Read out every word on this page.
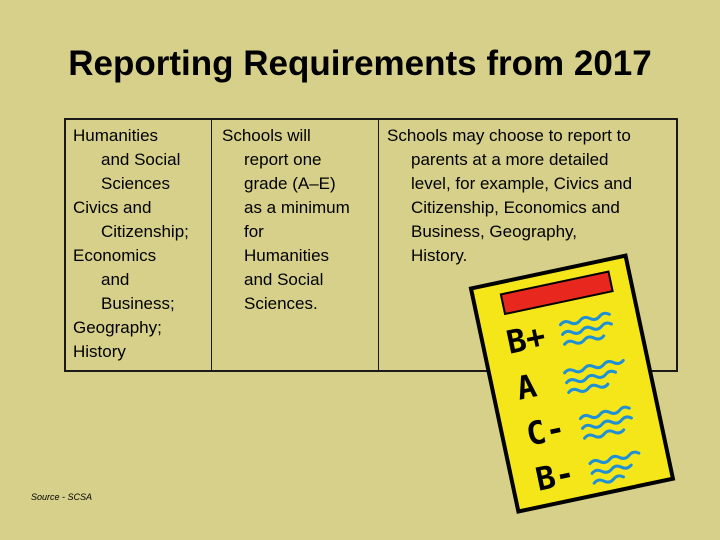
Reporting Requirements from 2017
Humanities
and Social
Sciences
Civics and
Citizenship;
Economics
and
Business;
Geography;
History
Schools will
report one
grade (A–E)
as a minimum
for
Humanities
and Social
Sciences.
Schools may choose to report to
parents at a more detailed
level, for example, Civics and
Citizenship, Economics and
Business, Geography,
History.
B+
A
C-
B-
Source - SCSA
